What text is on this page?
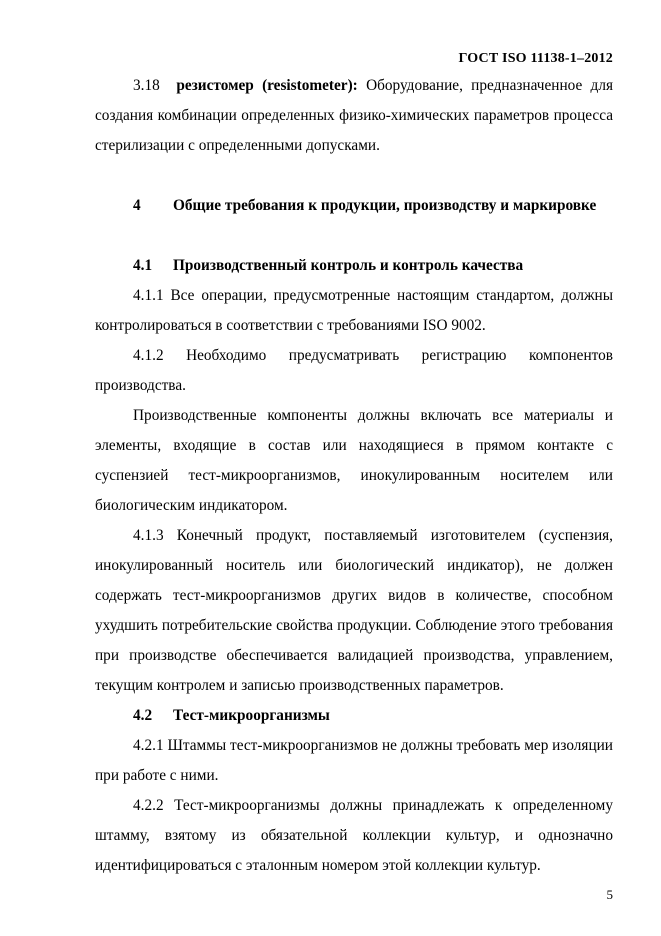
ГОСТ ISO 11138-1–2012

3.18 резистомер (resistometer): Оборудование, предназначенное для создания комбинации определенных физико-химических параметров процесса стерилизации с определенными допусками.

4 Общие требования к продукции, производству и маркировке

4.1 Производственный контроль и контроль качества

4.1.1 Все операции, предусмотренные настоящим стандартом, должны контролироваться в соответствии с требованиями ISO 9002.

4.1.2 Необходимо предусматривать регистрацию компонентов производства.

Производственные компоненты должны включать все материалы и элементы, входящие в состав или находящиеся в прямом контакте с суспензией тест-микроорганизмов, инокулированным носителем или биологическим индикатором.

4.1.3 Конечный продукт, поставляемый изготовителем (суспензия, инокулированный носитель или биологический индикатор), не должен содержать тест-микроорганизмов других видов в количестве, способном ухудшить потребительские свойства продукции. Соблюдение этого требования при производстве обеспечивается валидацией производства, управлением, текущим контролем и записью производственных параметров.

4.2 Тест-микроорганизмы

4.2.1 Штаммы тест-микроорганизмов не должны требовать мер изоляции при работе с ними.

4.2.2 Тест-микроорганизмы должны принадлежать к определенному штамму, взятому из обязательной коллекции культур, и однозначно идентифицироваться с эталонным номером этой коллекции культур.

5
